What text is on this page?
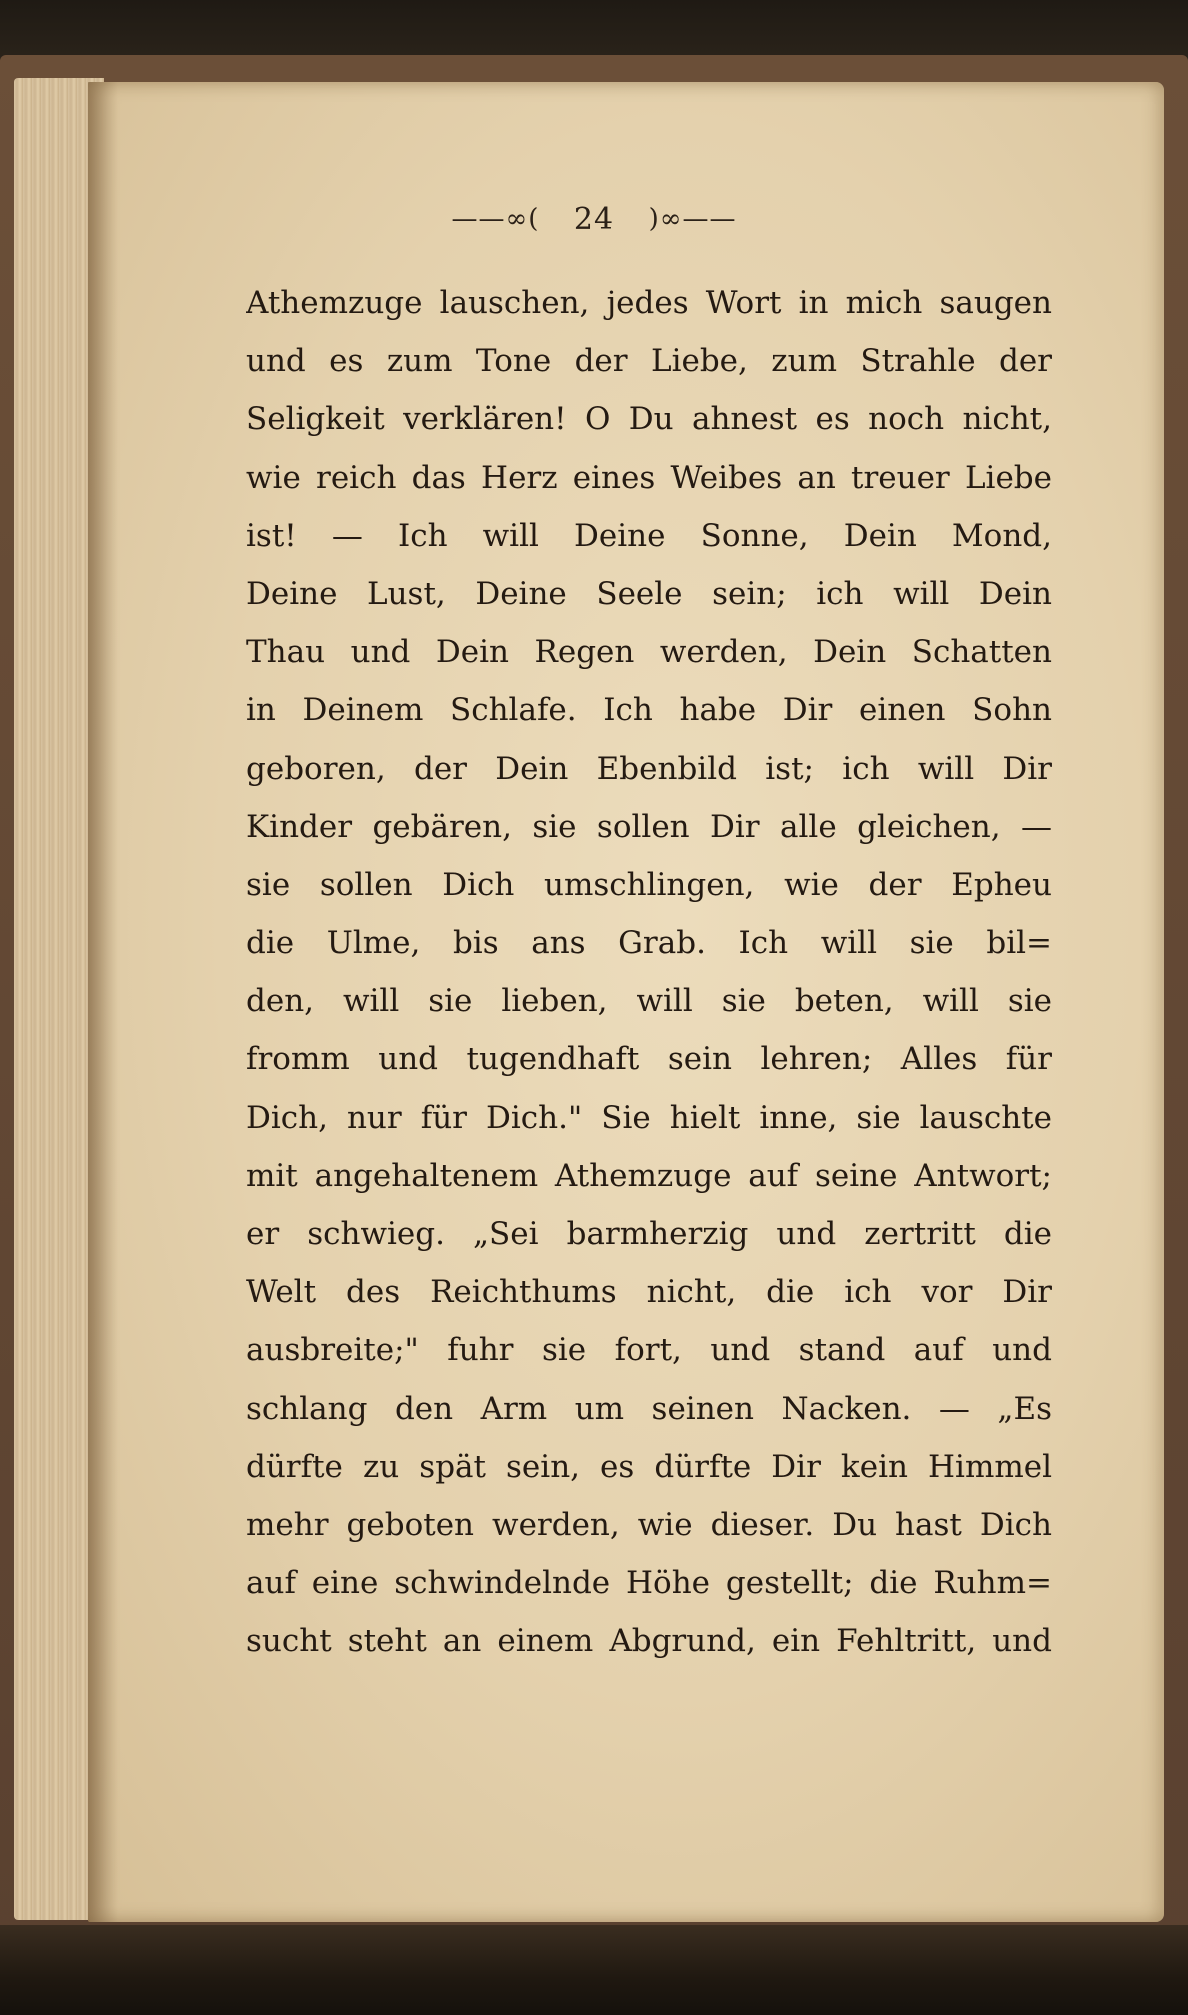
——∞( 24 )∞——
Athemzuge lauschen, jedes Wort in mich saugen
und es zum Tone der Liebe, zum Strahle der
Seligkeit verklären! O Du ahnest es noch nicht,
wie reich das Herz eines Weibes an treuer Liebe
ist! — Ich will Deine Sonne, Dein Mond,
Deine Lust, Deine Seele sein; ich will Dein
Thau und Dein Regen werden, Dein Schatten
in Deinem Schlafe. Ich habe Dir einen Sohn
geboren, der Dein Ebenbild ist; ich will Dir
Kinder gebären, sie sollen Dir alle gleichen, —
sie sollen Dich umschlingen, wie der Epheu
die Ulme, bis ans Grab. Ich will sie bil=
den, will sie lieben, will sie beten, will sie
fromm und tugendhaft sein lehren; Alles für
Dich, nur für Dich." Sie hielt inne, sie lauschte
mit angehaltenem Athemzuge auf seine Antwort;
er schwieg. „Sei barmherzig und zertritt die
Welt des Reichthums nicht, die ich vor Dir
ausbreite;" fuhr sie fort, und stand auf und
schlang den Arm um seinen Nacken. — „Es
dürfte zu spät sein, es dürfte Dir kein Himmel
mehr geboten werden, wie dieser. Du hast Dich
auf eine schwindelnde Höhe gestellt; die Ruhm=
sucht steht an einem Abgrund, ein Fehltritt, und
